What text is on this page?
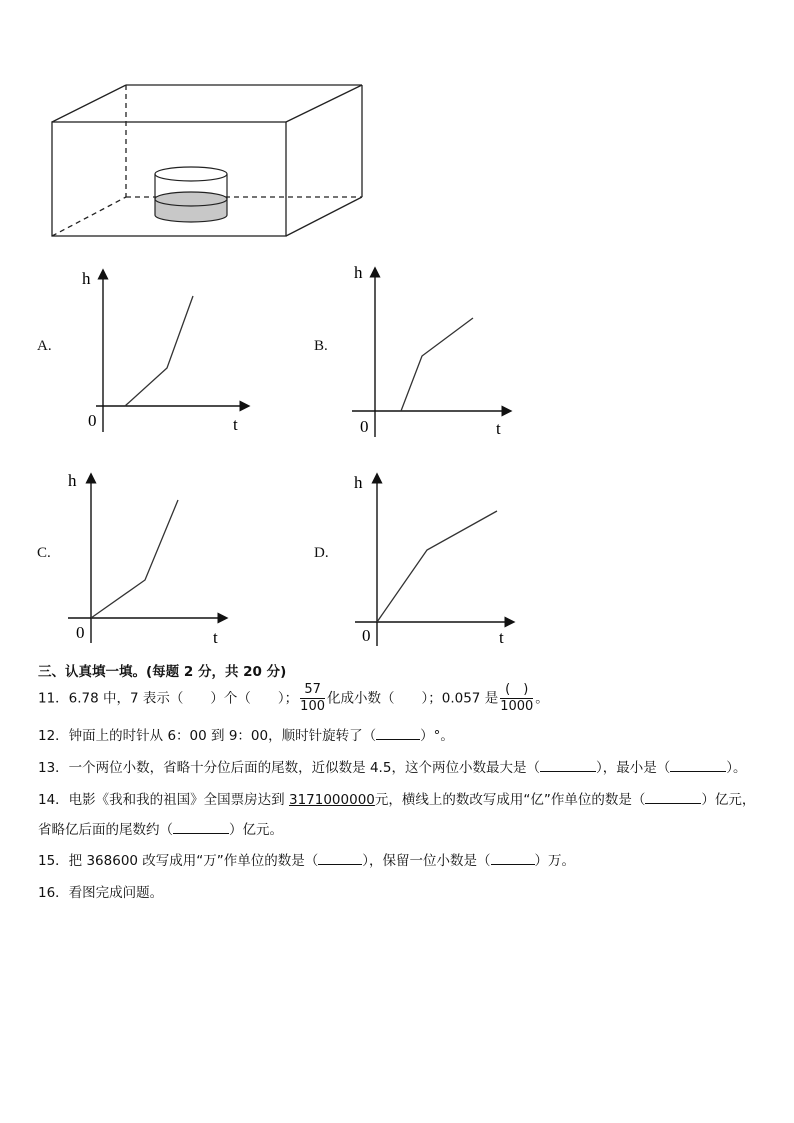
A.	B.
C.	D.
h
0	t
h
0	t
h
0	t
h
0	t
三、认真填一填。(每题 2 分，共 20 分)
11．6.78 中，7 表示（　　）个（　　）； $\frac{57}{100}$ 化成小数（　　）；0.057 是 $\frac{( )}{1000}$ 。
12．钟面上的时针从 6：00 到 9：00，顺时针旋转了（	）°。
13．一个两位小数，省略十分位后面的尾数，近似数是 4.5，这个两位小数最大是（	），最小是（	）。
14．电影《我和我的祖国》全国票房达到 3171000000元，横线上的数改写成用“亿”作单位的数是（	）亿元，
省略亿后面的尾数约（	）亿元。
15．把 368600 改写成用“万”作单位的数是（	），保留一位小数是（	）万。
16．看图完成问题。
